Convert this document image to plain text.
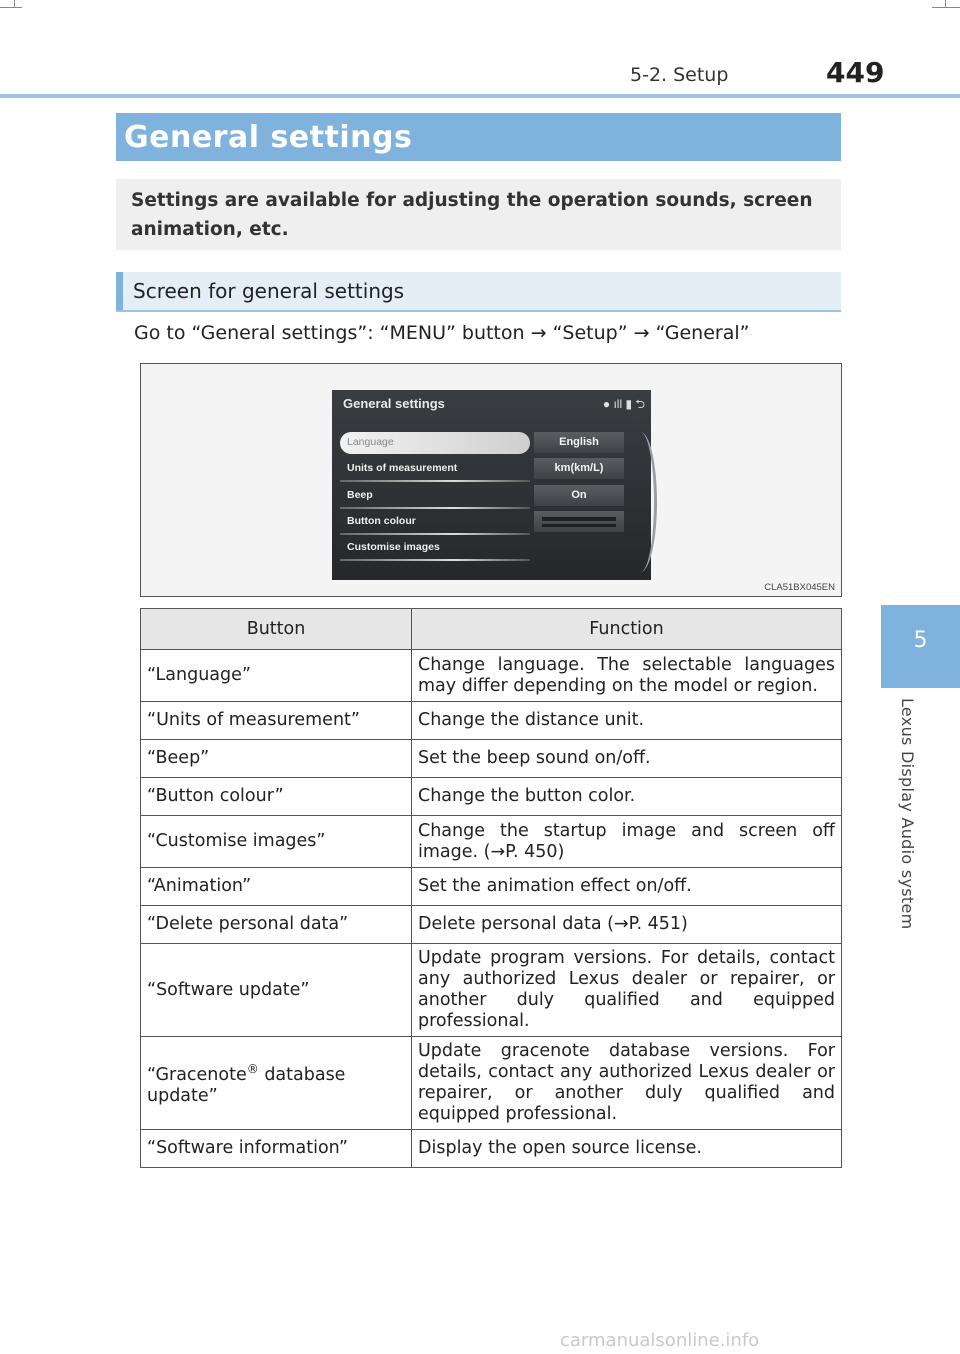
5-2. Setup	449
5
Lexus Display Audio system
General settings
Settings are available for adjusting the operation sounds, screen animation, etc.
Screen for general settings
Go to “General settings”: “MENU” button → “Setup” → “General”
General settings	● ıll ▮ ⮌
Language	English
Units of measurement	km(km/L)
Beep	On
Button colour
Customise images
CLA51BX045EN
Button	Function
“Language”	Change language. The selectable languages may differ depending on the model or region.
“Units of measurement”	Change the distance unit.
“Beep”	Set the beep sound on/off.
“Button colour”	Change the button color.
“Customise images”	Change the startup image and screen off image. (→P. 450)
“Animation”	Set the animation effect on/off.
“Delete personal data”	Delete personal data (→P. 451)
“Software update”	Update program versions. For details, contact any authorized Lexus dealer or repairer, or another duly qualified and equipped professional.
“Gracenote® database update”	Update gracenote database versions. For details, contact any authorized Lexus dealer or repairer, or another duly qualified and equipped professional.
“Software information”	Display the open source license.
carmanualsonline.info
